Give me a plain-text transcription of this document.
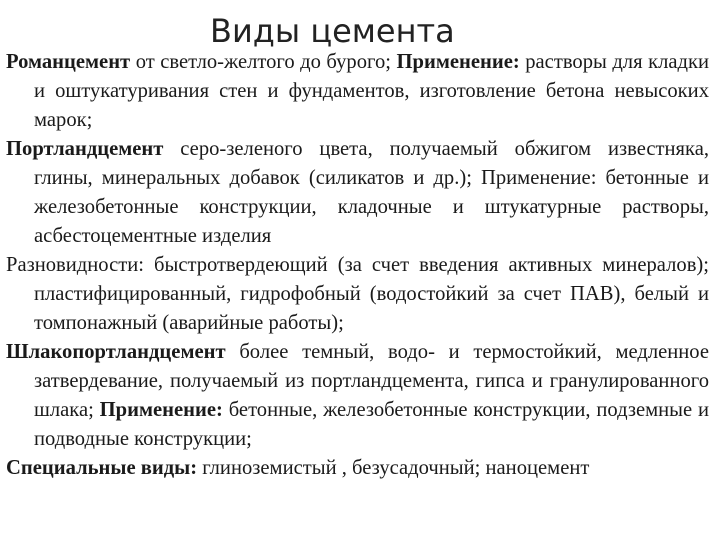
Виды цемента

Романцемент от светло-желтого до бурого; Применение: растворы для кладки и оштукатуривания стен и фундаментов, изготовление бетона невысоких марок;

Портландцемент серо-зеленого цвета, получаемый обжигом известняка, глины, минеральных добавок (силикатов и др.); Применение: бетонные и железобетонные конструкции, кладочные и штукатурные растворы, асбестоцементные изделия

Разновидности: быстротвердеющий (за счет введения активных минералов); пластифицированный, гидрофобный (водостойкий за счет ПАВ), белый и томпонажный (аварийные работы);

Шлакопортландцемент более темный, водо- и термостойкий, медленное затвердевание, получаемый из портландцемента, гипса и гранулированного шлака; Применение: бетонные, железобетонные конструкции, подземные и подводные конструкции;

Специальные виды: глиноземистый , безусадочный; наноцемент
